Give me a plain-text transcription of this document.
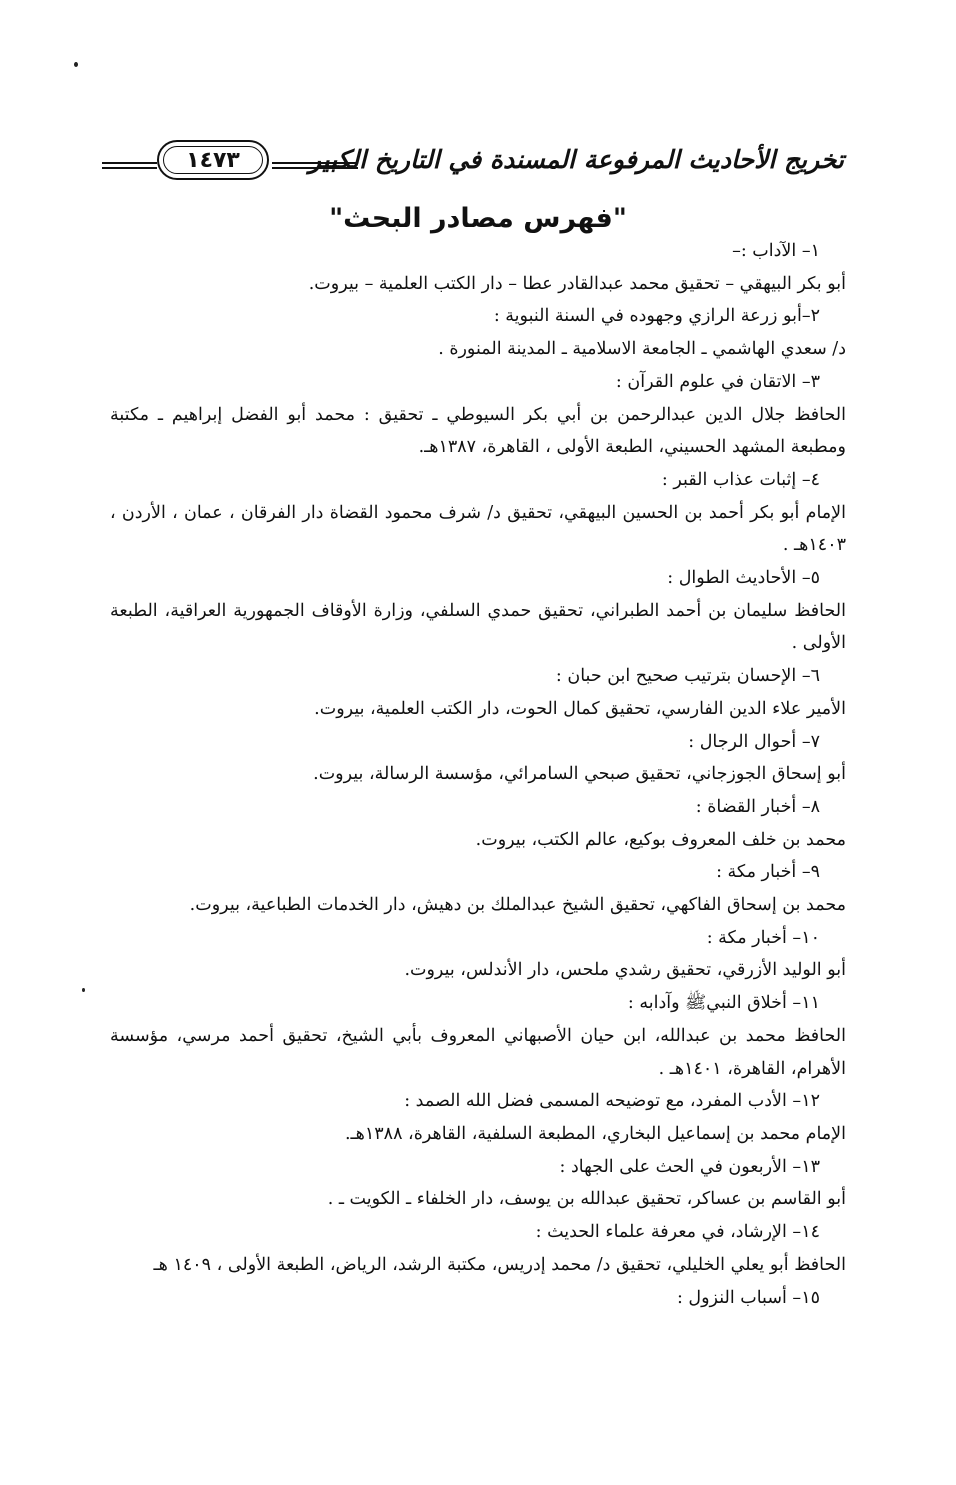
تخريج الأحاديث المرفوعة المسندة في التاريخ الكبير
١٤٧٣
"فهرس مصادر البحث"

١– الآداب :–

أبو بكر البيهقي – تحقيق محمد عبدالقادر عطا – دار الكتب العلمية – بيروت.

٢–أبو زرعة الرازي وجهوده في السنة النبوية :

د/ سعدي الهاشمي ـ الجامعة الاسلامية ـ المدينة المنورة .

٣– الاتقان في علوم القرآن :

الحافظ جلال الدين عبدالرحمن بن أبي بكر السيوطي ـ تحقيق : محمد أبو الفضل إبراهيم ـ مكتبة ومطبعة المشهد الحسيني، الطبعة الأولى ، القاهرة، ١٣٨٧هـ.

٤– إثبات عذاب القبر :

الإمام أبو بكر أحمد بن الحسين البيهقي، تحقيق د/ شرف محمود القضاة دار الفرقان ، عمان ، الأردن ، ١٤٠٣هـ .

٥– الأحاديث الطوال :

الحافظ سليمان بن أحمد الطبراني، تحقيق حمدي السلفي، وزارة الأوقاف الجمهورية العراقية، الطبعة الأولى .

٦– الإحسان بترتيب صحيح ابن حبان :

الأمير علاء الدين الفارسي، تحقيق كمال الحوت، دار الكتب العلمية، بيروت.

٧– أحوال الرجال :

أبو إسحاق الجوزجاني، تحقيق صبحي السامرائي، مؤسسة الرسالة، بيروت.

٨– أخبار القضاة :

محمد بن خلف المعروف بوكيع، عالم الكتب، بيروت.

٩– أخبار مكة :

محمد بن إسحاق الفاكهي، تحقيق الشيخ عبدالملك بن دهيش، دار الخدمات الطباعية، بيروت.

١٠– أخبار مكة :

أبو الوليد الأزرقي، تحقيق رشدي ملحس، دار الأندلس، بيروت.

١١– أخلاق النبيﷺ وآدابه :

الحافظ محمد بن عبدالله، ابن حيان الأصبهاني المعروف بأبي الشيخ، تحقيق أحمد مرسي، مؤسسة الأهرام، القاهرة، ١٤٠١هـ .

١٢– الأدب المفرد، مع توضيحه المسمى فضل الله الصمد :

الإمام محمد بن إسماعيل البخاري، المطبعة السلفية، القاهرة، ١٣٨٨هـ.

١٣– الأربعون في الحث على الجهاد :

أبو القاسم بن عساكر، تحقيق عبدالله بن يوسف، دار الخلفاء ـ الكويت ـ .

١٤– الإرشاد، في معرفة علماء الحديث :

الحافظ أبو يعلي الخليلي، تحقيق د/ محمد إدريس، مكتبة الرشد، الرياض، الطبعة الأولى ، ١٤٠٩ هـ

١٥– أسباب النزول :
